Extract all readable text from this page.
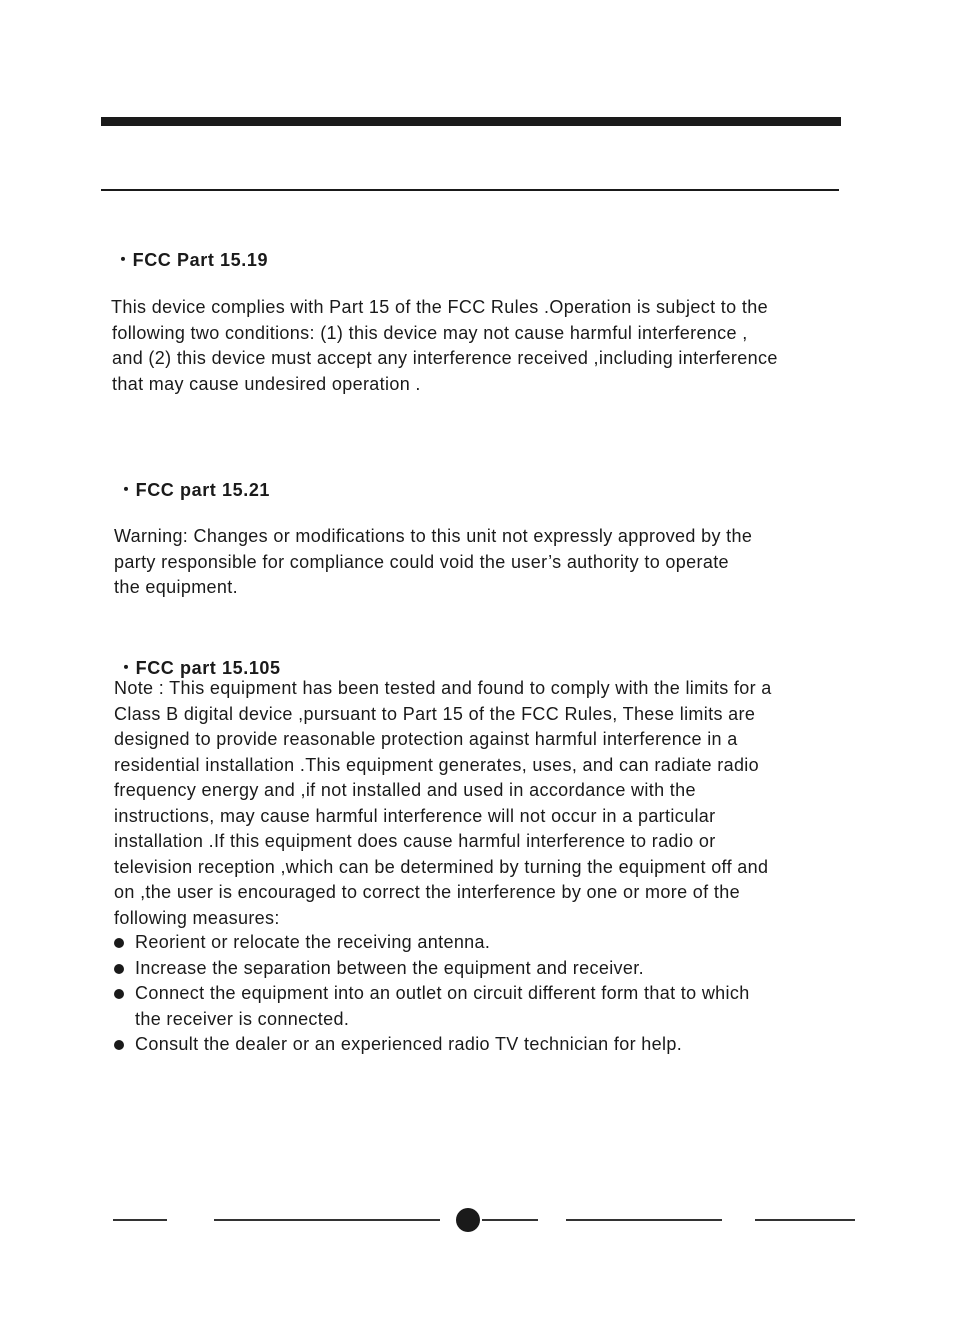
・FCC Part 15.19
This device complies with Part 15 of the FCC Rules .Operation is subject to the
following two conditions: (1) this device may not cause harmful interference ,
and (2) this device must accept any interference received ,including interference
that may cause undesired operation .
・FCC part 15.21
Warning: Changes or modifications to this unit not expressly approved by the
party responsible for compliance could void the user’s authority to operate
the equipment.
・FCC part 15.105
Note : This equipment has been tested and found to comply with the limits for a
Class B digital device ,pursuant to Part 15 of the FCC Rules, These limits are
designed to provide reasonable protection against harmful interference in a
residential installation .This equipment generates, uses, and can radiate radio
frequency energy and ,if not installed and used in accordance with the
instructions, may cause harmful interference will not occur in a particular
installation .If this equipment does cause harmful interference to radio or
television reception ,which can be determined by turning the equipment off and
on ,the user is encouraged to correct the interference by one or more of the
following measures:
Reorient or relocate the receiving antenna.
Increase the separation between the equipment and receiver.
Connect the equipment into an outlet on circuit different form that to which
the receiver is connected.
Consult the dealer or an experienced radio TV technician for help.
